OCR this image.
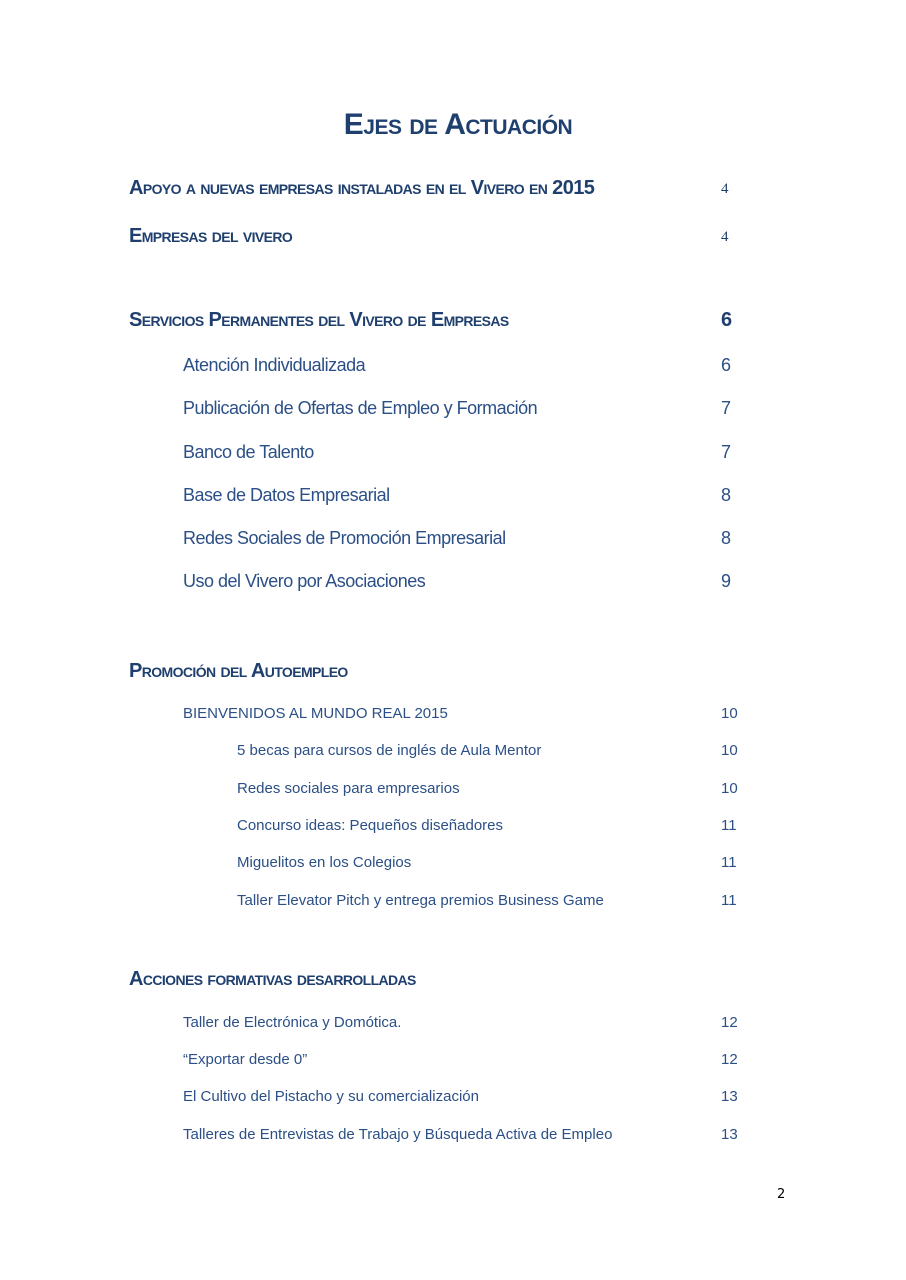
Ejes de Actuación
Apoyo a nuevas empresas instaladas en el Vivero en 2015	4
Empresas del vivero	4
Servicios Permanentes del Vivero de Empresas	6
Atención Individualizada	6
Publicación de Ofertas de Empleo y Formación	7
Banco de Talento	7
Base de Datos Empresarial	8
Redes Sociales de Promoción Empresarial	8
Uso del Vivero por Asociaciones	9
Promoción del Autoempleo
BIENVENIDOS AL MUNDO REAL 2015	10
5 becas para cursos de inglés de Aula Mentor	10
Redes sociales para empresarios	10
Concurso ideas: Pequeños diseñadores	11
Miguelitos en los Colegios	11
Taller Elevator Pitch y entrega premios Business Game	11
Acciones formativas desarrolladas
Taller de Electrónica y Domótica.	12
“Exportar desde 0”	12
El Cultivo del Pistacho y su comercialización	13
Talleres de Entrevistas de Trabajo y Búsqueda Activa de Empleo	13
2
